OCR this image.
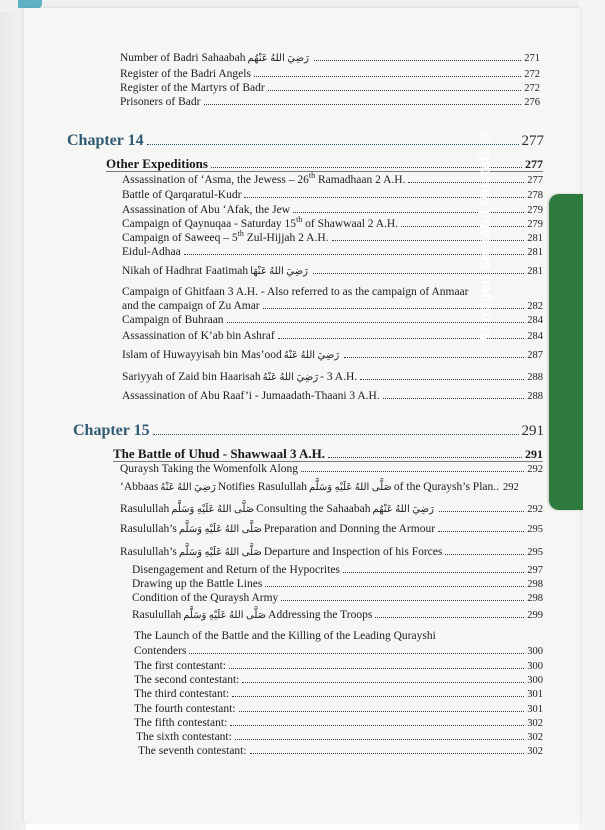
Number of Badri Sahaabah رَضِيَ اللهُ عَنْهُم	271
Register of the Badri Angels	272
Register of the Martyrs of Badr	272
Prisoners of Badr	276
Chapter 14	277
Other Expeditions	277
Assassination of ‘Asma, the Jewess – 26th Ramadhaan 2 A.H.	277
Battle of Qarqaratul-Kudr	278
Assassination of Abu ‘Afak, the Jew	279
Campaign of Qaynuqaa - Saturday 15th of Shawwaal 2 A.H.	279
Campaign of Saweeq – 5th Zul-Hijjah 2 A.H.	281
Eidul-Adhaa	281
Nikah of Hadhrat Faatimah رَضِيَ اللهُ عَنْهَا	281
Campaign of Ghitfaan 3 A.H. - Also referred to as the campaign of Anmaar
and the campaign of Zu Amar	282
Campaign of Buhraan	284
Assassination of K’ab bin Ashraf	284
Islam of Huwayyisah bin Mas’ood رَضِيَ اللهُ عَنْهُ	287
Sariyyah of Zaid bin Haarisah رَضِيَ اللهُ عَنْهُ - 3 A.H.	288
Assassination of Abu Raaf’i - Jumaadath-Thaani 3 A.H.	288
Chapter 15	291
The Battle of Uhud - Shawwaal 3 A.H.	291
Quraysh Taking the Womenfolk Along	292
‘Abbaas رَضِيَ اللهُ عَنْهُ Notifies Rasulullah صَلَّى اللهُ عَلَيْهِ وَسَلَّم of the Quraysh’s Plan.. 292
Rasulullah صَلَّى اللهُ عَلَيْهِ وَسَلَّم Consulting the Sahaabah رَضِيَ اللهُ عَنْهُم	292
Rasulullah’s صَلَّى اللهُ عَلَيْهِ وَسَلَّم Preparation and Donning the Armour	295
Rasulullah’s صَلَّى اللهُ عَلَيْهِ وَسَلَّم Departure and Inspection of his Forces	295
Disengagement and Return of the Hypocrites	297
Drawing up the Battle Lines	298
Condition of the Quraysh Army	298
Rasulullah صَلَّى اللهُ عَلَيْهِ وَسَلَّم Addressing the Troops	299
The Launch of the Battle and the Killing of the Leading Qurayshi
Contenders	300
The first contestant:	300
The second contestant:	300
The third contestant:	301
The fourth contestant:	301
The fifth contestant:	302
The sixth contestant:	302
The seventh contestant:	302
Abridged Seeratul Mustafaﷺ
